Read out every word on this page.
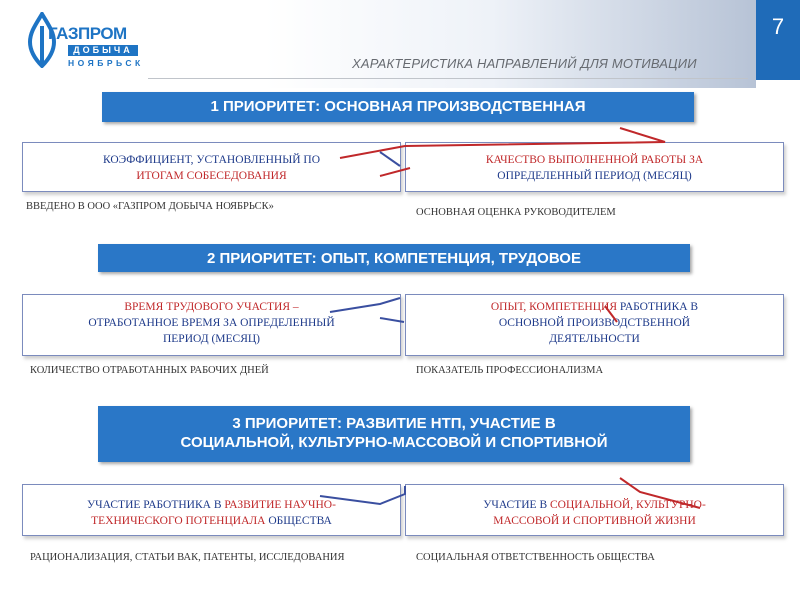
ГАЗПРОМ
ДОБЫЧА
НОЯБРЬСК	ХАРАКТЕРИСТИКА НАПРАВЛЕНИЙ ДЛЯ МОТИВАЦИИ
7
1 ПРИОРИТЕТ: ОСНОВНАЯ ПРОИЗВОДСТВЕННАЯ
КОЭФФИЦИЕНТ, УСТАНОВЛЕННЫЙ ПО
ИТОГАМ СОБЕСЕДОВАНИЯ
КАЧЕСТВО ВЫПОЛНЕННОЙ РАБОТЫ ЗА
ОПРЕДЕЛЕННЫЙ ПЕРИОД (МЕСЯЦ)
ВВЕДЕНО В ООО «ГАЗПРОМ ДОБЫЧА НОЯБРЬСК»
ОСНОВНАЯ ОЦЕНКА РУКОВОДИТЕЛЕМ
2 ПРИОРИТЕТ: ОПЫТ, КОМПЕТЕНЦИЯ, ТРУДОВОЕ
ВРЕМЯ ТРУДОВОГО УЧАСТИЯ –
ОТРАБОТАННОЕ ВРЕМЯ ЗА ОПРЕДЕЛЕННЫЙ
ПЕРИОД (МЕСЯЦ)
ОПЫТ, КОМПЕТЕНЦИЯ РАБОТНИКА В
ОСНОВНОЙ ПРОИЗВОДСТВЕННОЙ
ДЕЯТЕЛЬНОСТИ
КОЛИЧЕСТВО ОТРАБОТАННЫХ РАБОЧИХ ДНЕЙ	ПОКАЗАТЕЛЬ ПРОФЕССИОНАЛИЗМА
3 ПРИОРИТЕТ: РАЗВИТИЕ НТП, УЧАСТИЕ В
СОЦИАЛЬНОЙ, КУЛЬТУРНО-МАССОВОЙ И СПОРТИВНОЙ
УЧАСТИЕ РАБОТНИКА В РАЗВИТИЕ НАУЧНО-
ТЕХНИЧЕСКОГО ПОТЕНЦИАЛА ОБЩЕСТВА
УЧАСТИЕ В СОЦИАЛЬНОЙ, КУЛЬТУРНО-
МАССОВОЙ И СПОРТИВНОЙ ЖИЗНИ
РАЦИОНАЛИЗАЦИЯ, СТАТЬИ ВАК, ПАТЕНТЫ, ИССЛЕДОВАНИЯ	СОЦИАЛЬНАЯ ОТВЕТСТВЕННОСТЬ ОБЩЕСТВА
